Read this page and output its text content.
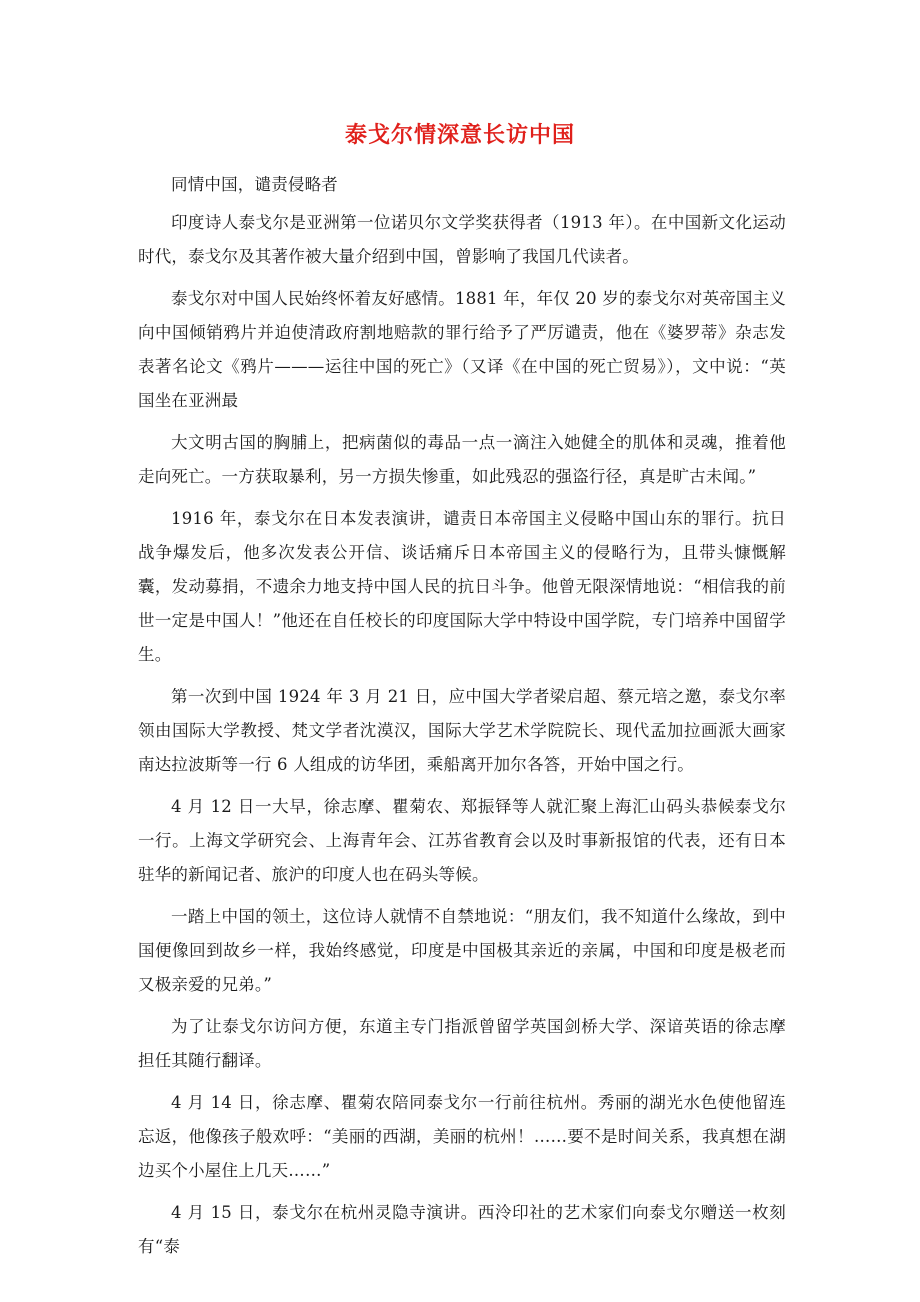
泰戈尔情深意长访中国

同情中国，谴责侵略者

印度诗人泰戈尔是亚洲第一位诺贝尔文学奖获得者（1913 年）。在中国新文化运动时代，泰戈尔及其著作被大量介绍到中国，曾影响了我国几代读者。

泰戈尔对中国人民始终怀着友好感情。1881 年，年仅 20 岁的泰戈尔对英帝国主义向中国倾销鸦片并迫使清政府割地赔款的罪行给予了严厉谴责，他在《婆罗蒂》杂志发表著名论文《鸦片———运往中国的死亡》（又译《在中国的死亡贸易》），文中说：“英国坐在亚洲最

大文明古国的胸脯上，把病菌似的毒品一点一滴注入她健全的肌体和灵魂，推着他走向死亡。一方获取暴利，另一方损失惨重，如此残忍的强盗行径，真是旷古未闻。”

1916 年，泰戈尔在日本发表演讲，谴责日本帝国主义侵略中国山东的罪行。抗日战争爆发后，他多次发表公开信、谈话痛斥日本帝国主义的侵略行为，且带头慷慨解囊，发动募捐，不遗余力地支持中国人民的抗日斗争。他曾无限深情地说：“相信我的前世一定是中国人！”他还在自任校长的印度国际大学中特设中国学院，专门培养中国留学生。

第一次到中国 1924 年 3 月 21 日，应中国大学者梁启超、蔡元培之邀，泰戈尔率领由国际大学教授、梵文学者沈漠汉，国际大学艺术学院院长、现代孟加拉画派大画家南达拉波斯等一行 6 人组成的访华团，乘船离开加尔各答，开始中国之行。

4 月 12 日一大早，徐志摩、瞿菊农、郑振铎等人就汇聚上海汇山码头恭候泰戈尔一行。上海文学研究会、上海青年会、江苏省教育会以及时事新报馆的代表，还有日本驻华的新闻记者、旅沪的印度人也在码头等候。

一踏上中国的领土，这位诗人就情不自禁地说：“朋友们，我不知道什么缘故，到中国便像回到故乡一样，我始终感觉，印度是中国极其亲近的亲属，中国和印度是极老而又极亲爱的兄弟。”

为了让泰戈尔访问方便，东道主专门指派曾留学英国剑桥大学、深谙英语的徐志摩担任其随行翻译。

4 月 14 日，徐志摩、瞿菊农陪同泰戈尔一行前往杭州。秀丽的湖光水色使他留连忘返，他像孩子般欢呼：“美丽的西湖，美丽的杭州！……要不是时间关系，我真想在湖边买个小屋住上几天……”

4 月 15 日，泰戈尔在杭州灵隐寺演讲。西泠印社的艺术家们向泰戈尔赠送一枚刻有“泰
